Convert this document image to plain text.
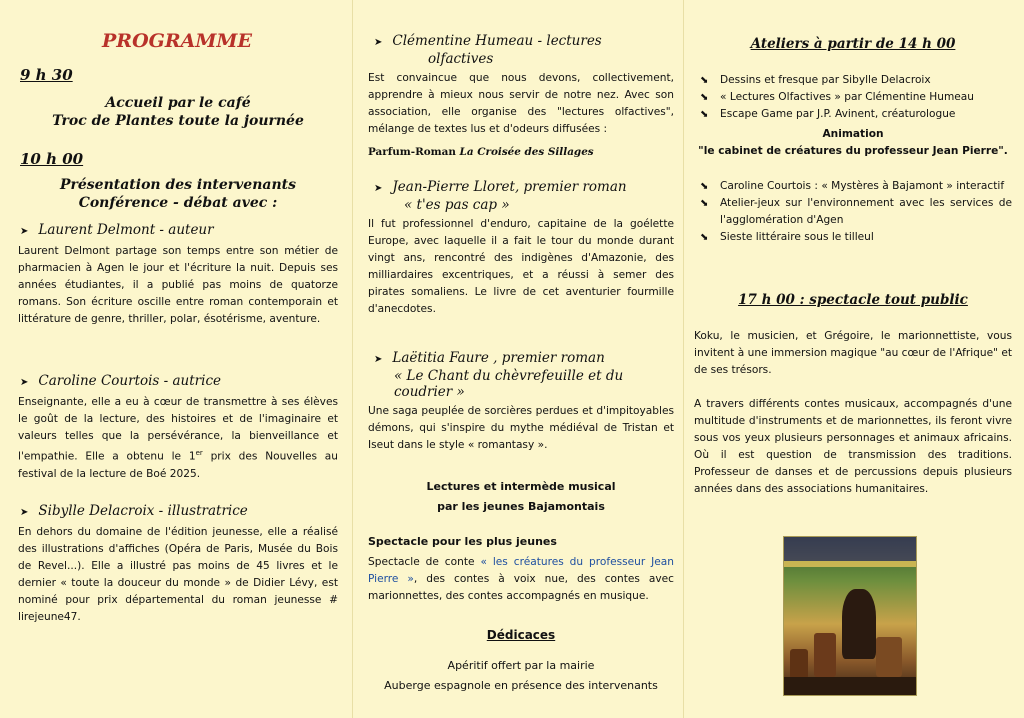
PROGRAMME
9 h 30
Accueil par le café
Troc de Plantes toute la journée
10 h 00
Présentation des intervenants
Conférence - débat avec :
➤ Laurent Delmont - auteur

Laurent Delmont partage son temps entre son métier de pharmacien à Agen le jour et l'écriture la nuit. Depuis ses années étudiantes, il a publié pas moins de quatorze romans. Son écriture oscille entre roman contemporain et littérature de genre, thriller, polar, ésotérisme, aventure.

➤ Caroline Courtois - autrice

Enseignante, elle a eu à cœur de transmettre à ses élèves le goût de la lecture, des histoires et de l'imaginaire et valeurs telles que la persévérance, la bienveillance et l'empathie. Elle a obtenu le 1er prix des Nouvelles au festival de la lecture de Boé 2025.

➤ Sibylle Delacroix - illustratrice

En dehors du domaine de l'édition jeunesse, elle a réalisé des illustrations d'affiches (Opéra de Paris, Musée du Bois de Revel...). Elle a illustré pas moins de 45 livres et le dernier « toute la douceur du monde » de Didier Lévy, est nominé pour prix départemental du roman jeunesse # lirejeune47.

➤ Clémentine Humeau - lectures
olfactives

Est convaincue que nous devons, collectivement, apprendre à mieux nous servir de notre nez. Avec son association, elle organise des "lectures olfactives", mélange de textes lus et d'odeurs diffusées :

Parfum-Roman La Croisée des Sillages
➤ Jean-Pierre Lloret, premier roman
« t'es pas cap »

Il fut professionnel d'enduro, capitaine de la goélette Europe, avec laquelle il a fait le tour du monde durant vingt ans, rencontré des indigènes d'Amazonie, des milliardaires excentriques, et a réussi à semer des pirates somaliens. Le livre de cet aventurier fourmille d'anecdotes.

➤ Laëtitia Faure , premier roman
« Le Chant du chèvrefeuille et du
coudrier »

Une saga peuplée de sorcières perdues et d'impitoyables démons, qui s'inspire du mythe médiéval de Tristan et Iseut dans le style « romantasy ».

Lectures et intermède musical
par les jeunes Bajamontais
Spectacle pour les plus jeunes

Spectacle de conte « les créatures du professeur Jean Pierre », des contes à voix nue, des contes avec marionnettes, des contes accompagnés en musique.

Dédicaces
Apéritif offert par la mairie
Auberge espagnole en présence des intervenants
Ateliers à partir de 14 h 00
⬊ Dessins et fresque par Sibylle Delacroix
⬊ « Lectures Olfactives » par Clémentine Humeau
⬊ Escape Game par J.P. Avinent, créaturologue
Animation
"le cabinet de créatures du professeur Jean Pierre".
⬊ Caroline Courtois : « Mystères à Bajamont » interactif
⬊ Atelier-jeux sur l'environnement avec les services de l'agglomération d'Agen
⬊ Sieste littéraire sous le tilleul
17 h 00 : spectacle tout public

Koku, le musicien, et Grégoire, le marionnettiste, vous invitent à une immersion magique "au cœur de l'Afrique" et de ses trésors.

A travers différents contes musicaux, accompagnés d'une multitude d'instruments et de marionnettes, ils feront vivre sous vos yeux plusieurs personnages et animaux africains. Où il est question de transmission des traditions. Professeur de danses et de percussions depuis plusieurs années dans des associations humanitaires.
